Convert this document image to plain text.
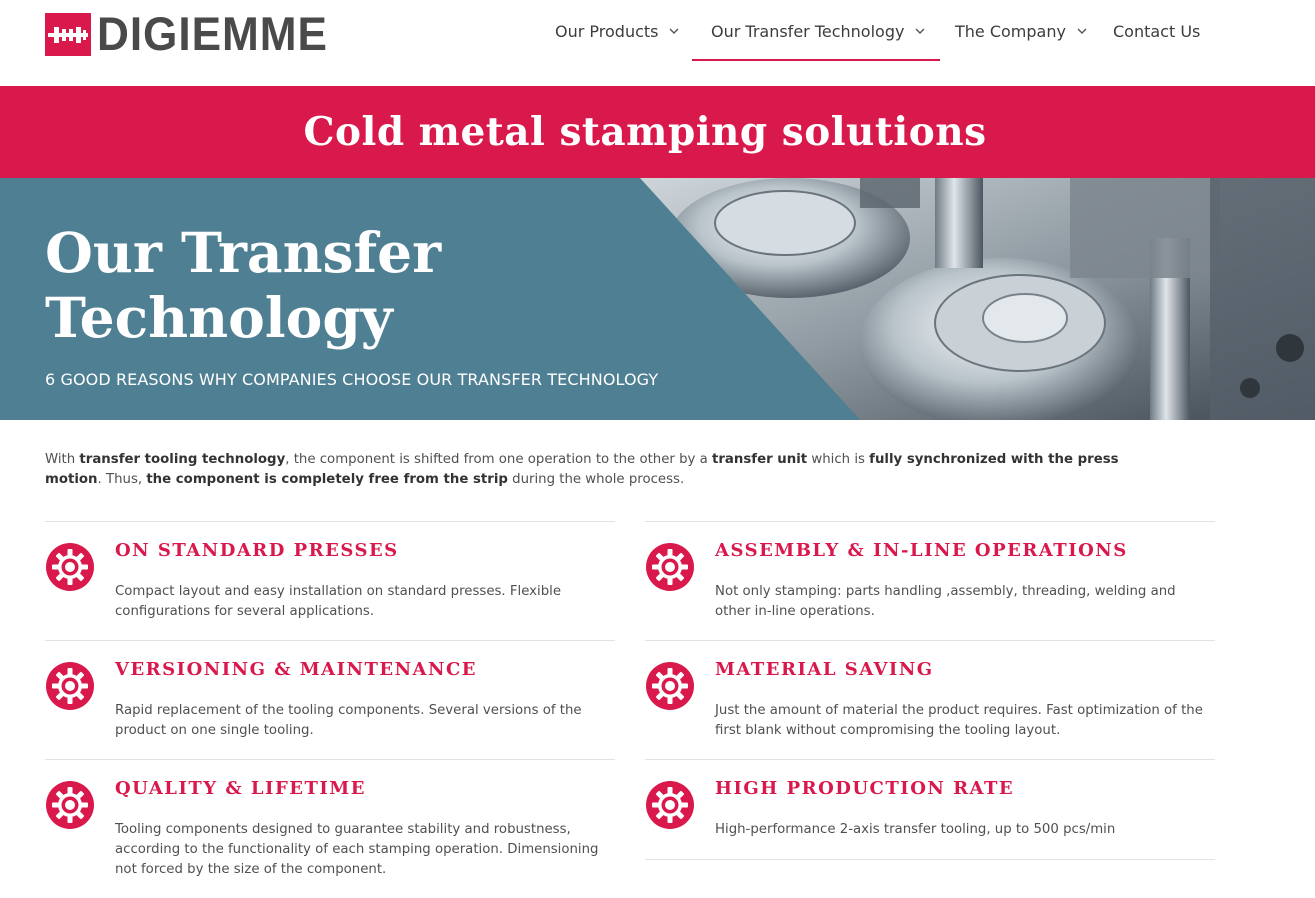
DIGIEMME	Our Products	Our Transfer Technology	The Company	Contact Us
Cold metal stamping solutions
Our Transfer
Technology
6 GOOD REASONS WHY COMPANIES CHOOSE OUR TRANSFER TECHNOLOGY
With transfer tooling technology, the component is shifted from one operation to the other by a transfer unit which is fully synchronized with the press motion. Thus, the component is completely free from the strip during the whole process.
ON STANDARD PRESSES
Compact layout and easy installation on standard presses. Flexible configurations for several applications.
VERSIONING & MAINTENANCE
Rapid replacement of the tooling components. Several versions of the product on one single tooling.
QUALITY & LIFETIME
Tooling components designed to guarantee stability and robustness, according to the functionality of each stamping operation. Dimensioning not forced by the size of the component.
ASSEMBLY & IN-LINE OPERATIONS
Not only stamping: parts handling ,assembly, threading, welding and other in-line operations.
MATERIAL SAVING
Just the amount of material the product requires. Fast optimization of the first blank without compromising the tooling layout.
HIGH PRODUCTION RATE
High-performance 2-axis transfer tooling, up to 500 pcs/min
